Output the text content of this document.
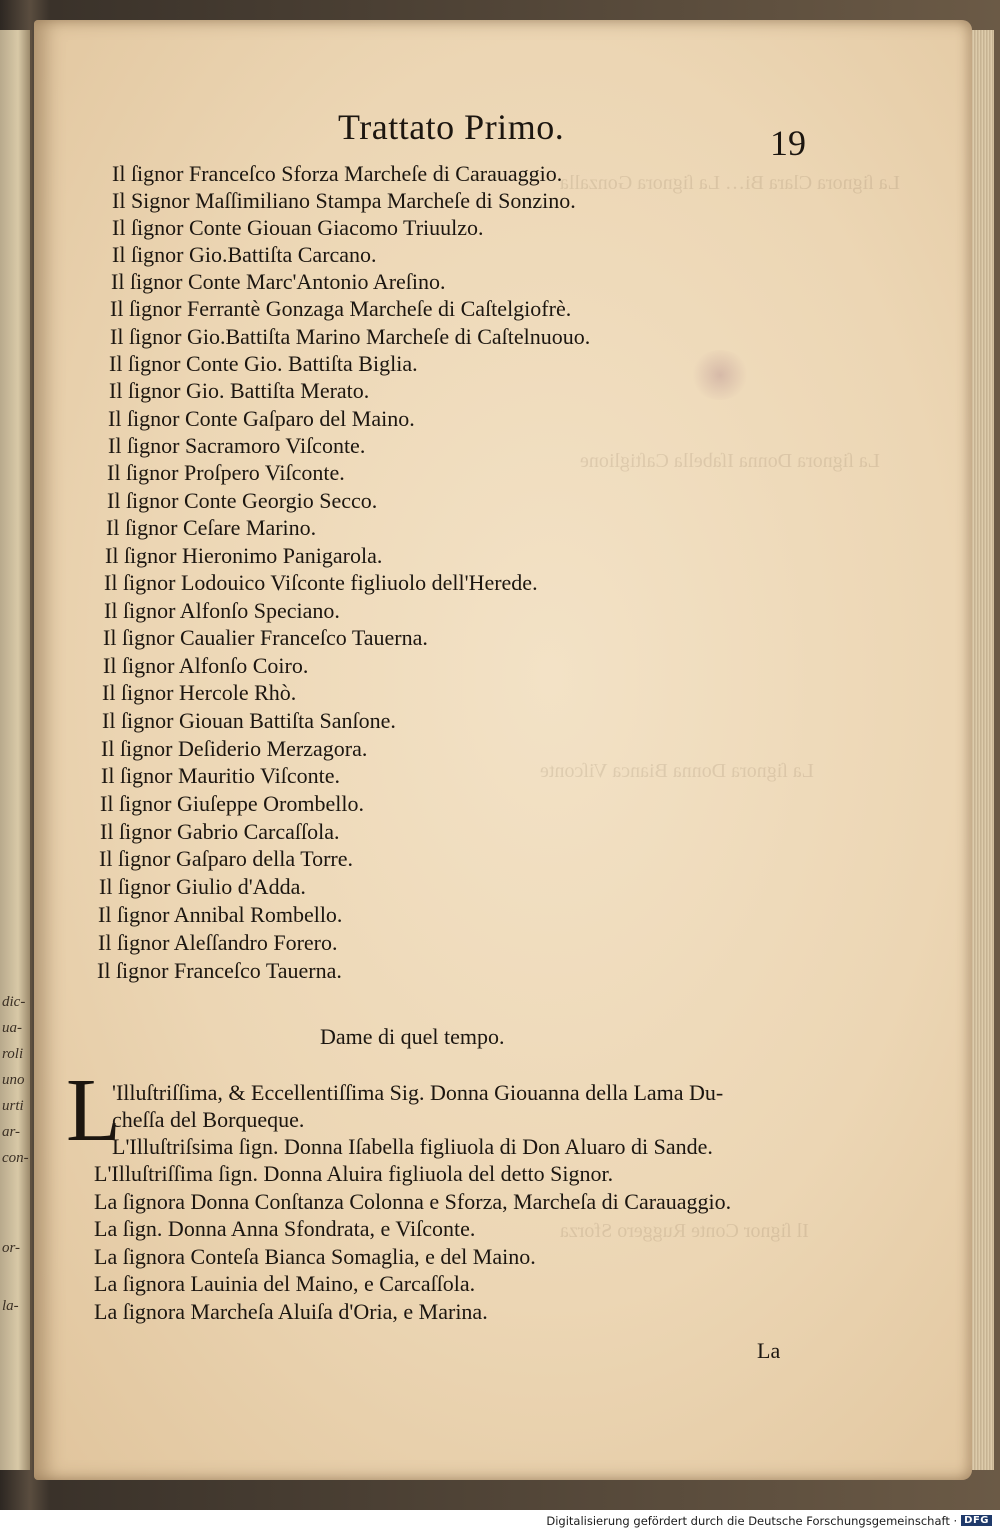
dic-
ua-
roli
uno
urti
ar-
con-
or-
la-
La ſignora Clara Bi… La ſignora Gonzalla
La ſignora Donna Iſabella Caſtiglione
La ſignora Donna Bianca Viſconte
Il ſignor Conte Ruggero Sforza
Trattato Primo.	19
Il ſignor Franceſco Sforza Marcheſe di Carauaggio.
Il Signor Maſſimiliano Stampa Marcheſe di Sonzino.
Il ſignor Conte Giouan Giacomo Triuulzo.
Il ſignor Gio.Battiſta Carcano.
Il ſignor Conte Marc'Antonio Areſino.
Il ſignor Ferrantè Gonzaga Marcheſe di Caſtelgiofrè.
Il ſignor Gio.Battiſta Marino Marcheſe di Caſtelnuouo.
Il ſignor Conte Gio. Battiſta Biglia.
Il ſignor Gio. Battiſta Merato.
Il ſignor Conte Gaſparo del Maino.
Il ſignor Sacramoro Viſconte.
Il ſignor Proſpero Viſconte.
Il ſignor Conte Georgio Secco.
Il ſignor Ceſare Marino.
Il ſignor Hieronimo Panigarola.
Il ſignor Lodouico Viſconte figliuolo dell'Herede.
Il ſignor Alfonſo Speciano.
Il ſignor Caualier Franceſco Tauerna.
Il ſignor Alfonſo Coiro.
Il ſignor Hercole Rhò.
Il ſignor Giouan Battiſta Sanſone.
Il ſignor Deſiderio Merzagora.
Il ſignor Mauritio Viſconte.
Il ſignor Giuſeppe Orombello.
Il ſignor Gabrio Carcaſſola.
Il ſignor Gaſparo della Torre.
Il ſignor Giulio d'Adda.
Il ſignor Annibal Rombello.
Il ſignor Aleſſandro Forero.
Il ſignor Franceſco Tauerna.
Dame di quel tempo.
L
'Illuſtriſſima, & Eccellentiſſima Sig. Donna Giouanna della Lama Du-
cheſſa del Borqueque.
L'Illuſtriſsima ſign. Donna Iſabella figliuola di Don Aluaro di Sande.
L'Illuſtriſſima ſign. Donna Aluira figliuola del detto Signor.
La ſignora Donna Conſtanza Colonna e Sforza, Marcheſa di Carauaggio.
La ſign. Donna Anna Sfondrata, e Viſconte.
La ſignora Conteſa Bianca Somaglia, e del Maino.
La ſignora Lauinia del Maino, e Carcaſſola.
La ſignora Marcheſa Aluiſa d'Oria, e Marina.
La
Digitalisierung gefördert durch die Deutsche Forschungsgemeinschaft · DFG
